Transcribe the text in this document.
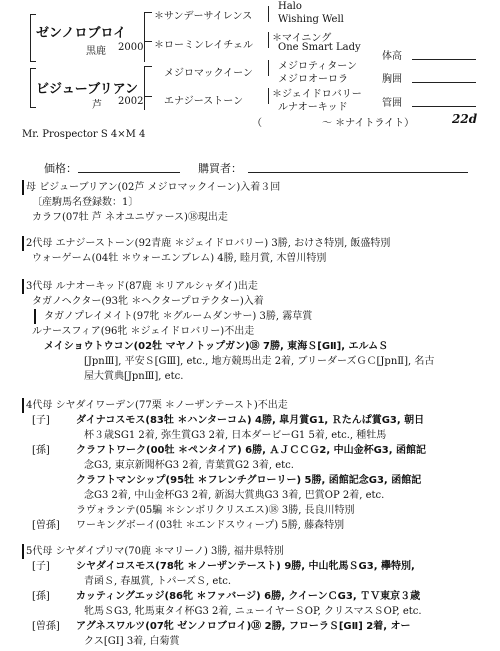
ゼンノロブロイ
黒鹿 2000
ビジューブリアン
芦 2002
＊サンデーサイレンス
＊ローミンレイチェル
メジロマックイーン
エナジーストーン
Halo
Wishing Well
＊マイニング
One Smart Lady
メジロティターン
メジロオーロラ
＊ジェイドロバリー
ルナオーキッド
体高
胸囲
管囲
（　　　　　　〜 ＊ナイトライト）	22d
Mr. Prospector S 4×M 4
価格：	購買者：
母 ビジューブリアン(02芦 メジロマックイーン)入着３回
〔産駒馬名登録数：1〕
カラフ(07牡 芦 ネオユニヴァース)⑱現出走
2代母 エナジーストーン(92青鹿 ＊ジェイドロバリー) 3勝, おけさ特別, 飯盛特別
ウォーゲーム(04牡 ＊ウォーエンブレム) 4勝, 睦月賞, 木曽川特別
3代母 ルナオーキッド(87鹿 ＊リアルシャダイ)出走
タガノヘクター(93牝 ＊ヘクタープロテクター)入着
タガノプレイメイト(97牝 ＊グルームダンサー) 3勝, 霧草賞
ルナースフィア(96牝 ＊ジェイドロバリー)不出走
メイショウトウコン(02牡 マヤノトップガン)⑱ 7勝, 東海Ｓ[GⅡ], エルムＳ
[JpnⅢ], 平安Ｓ[GⅢ], etc., 地方競馬出走 2着, ブリーダーズＧＣ[JpnⅡ], 名古
屋大賞典[JpnⅢ], etc.
4代母 シヤダイワーデン(77栗 ＊ノーザンテースト)不出走
[子]	ダイナコスモス(83牡 ＊ハンターコム) 4勝, 皐月賞G1, Ｒたんぱ賞G3, 朝日
杯３歳SG1 2着, 弥生賞G3 2着, 日本ダービーG1 5着, etc., 種牡馬
[孫]	クラフトワーク(00牡 ＊ペンタイア) 6勝, ＡＪＣＣＧ2, 中山金杯G3, 函館記
念G3, 東京新聞杯G3 2着, 青葉賞G2 3着, etc.
クラフトマンシップ(95牡 ＊フレンチグローリー) 5勝, 函館記念G3, 函館記
念G3 2着, 中山金杯G3 2着, 新潟大賞典G3 3着, 巴賞OP 2着, etc.
ラヴォランテ(05騙 ＊シンボリクリスエス)⑱ 3勝, 長良川特別
[曽孫] ワーキングボーイ(03牡 ＊エンドスウィープ) 5勝, 藤森特別
5代母 シヤダイプリマ(70鹿 ＊マリーノ) 3勝, 福井県特別
[子]	シヤダイコスモス(78牝 ＊ノーザンテースト) 9勝, 中山牝馬ＳG3, 欅特別,
青函Ｓ, 春風賞, トパーズＳ, etc.
[孫]	カッティングエッジ(86牝 ＊ファバージ) 6勝, クイーンＣG3, ＴＶ東京３歳
牝馬ＳG3, 牝馬東タイ杯G3 2着, ニューイヤーＳOP, クリスマスＳOP, etc.
[曽孫] アグネスワルツ(07牝 ゼンノロブロイ)⑱ 2勝, フローラＳ[GⅡ] 2着, オー
クス[GⅠ] 3着, 白菊賞
